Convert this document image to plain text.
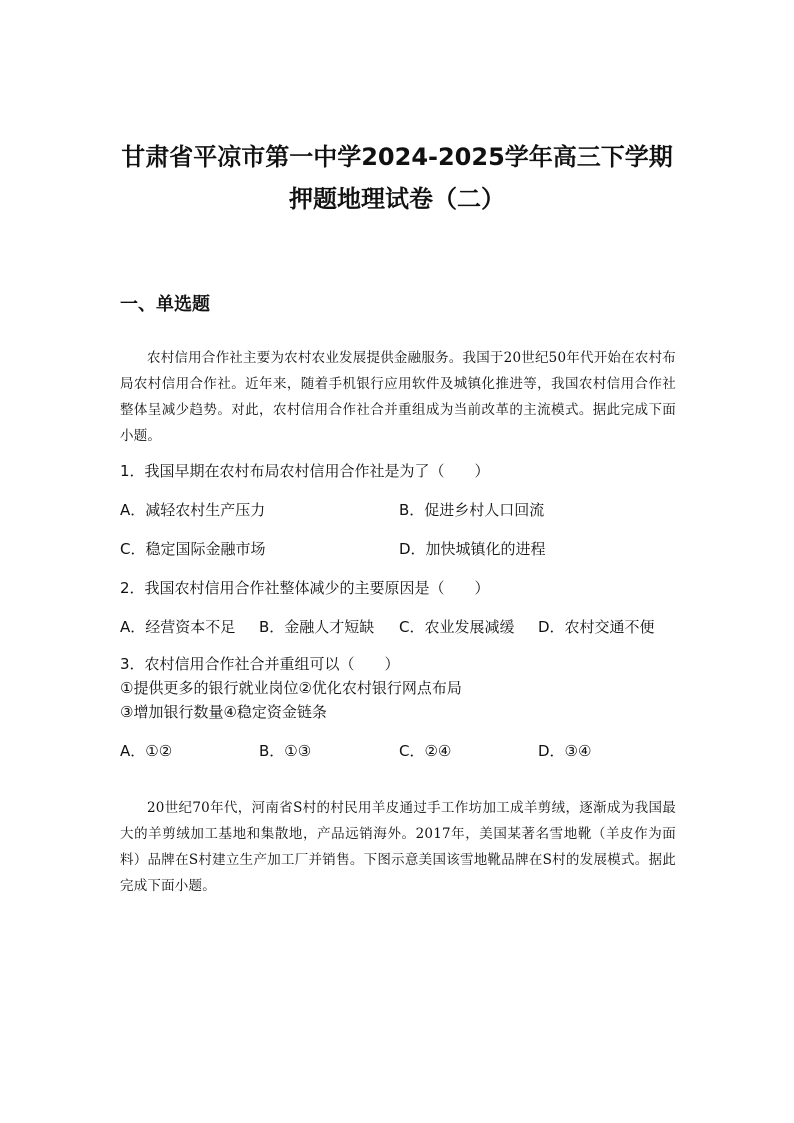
甘肃省平凉市第一中学2024-2025学年高三下学期
押题地理试卷（二）
一、单选题
农村信用合作社主要为农村农业发展提供金融服务。我国于20世纪50年代开始在农村布局农村信用合作社。近年来，随着手机银行应用软件及城镇化推进等，我国农村信用合作社整体呈减少趋势。对此，农村信用合作社合并重组成为当前改革的主流模式。据此完成下面小题。
1．我国早期在农村布局农村信用合作社是为了（　　）
A．减轻农村生产压力	B．促进乡村人口回流
C．稳定国际金融市场	D．加快城镇化的进程
2．我国农村信用合作社整体减少的主要原因是（　　）
A．经营资本不足 B．金融人才短缺 C．农业发展减缓 D．农村交通不便
3．农村信用合作社合并重组可以（　　）
①提供更多的银行就业岗位②优化农村银行网点布局
③增加银行数量④稳定资金链条
A．①②	B．①③	C．②④	D．③④
20世纪70年代，河南省S村的村民用羊皮通过手工作坊加工成羊剪绒，逐渐成为我国最大的羊剪绒加工基地和集散地，产品远销海外。2017年，美国某著名雪地靴（羊皮作为面料）品牌在S村建立生产加工厂并销售。下图示意美国该雪地靴品牌在S村的发展模式。据此完成下面小题。
